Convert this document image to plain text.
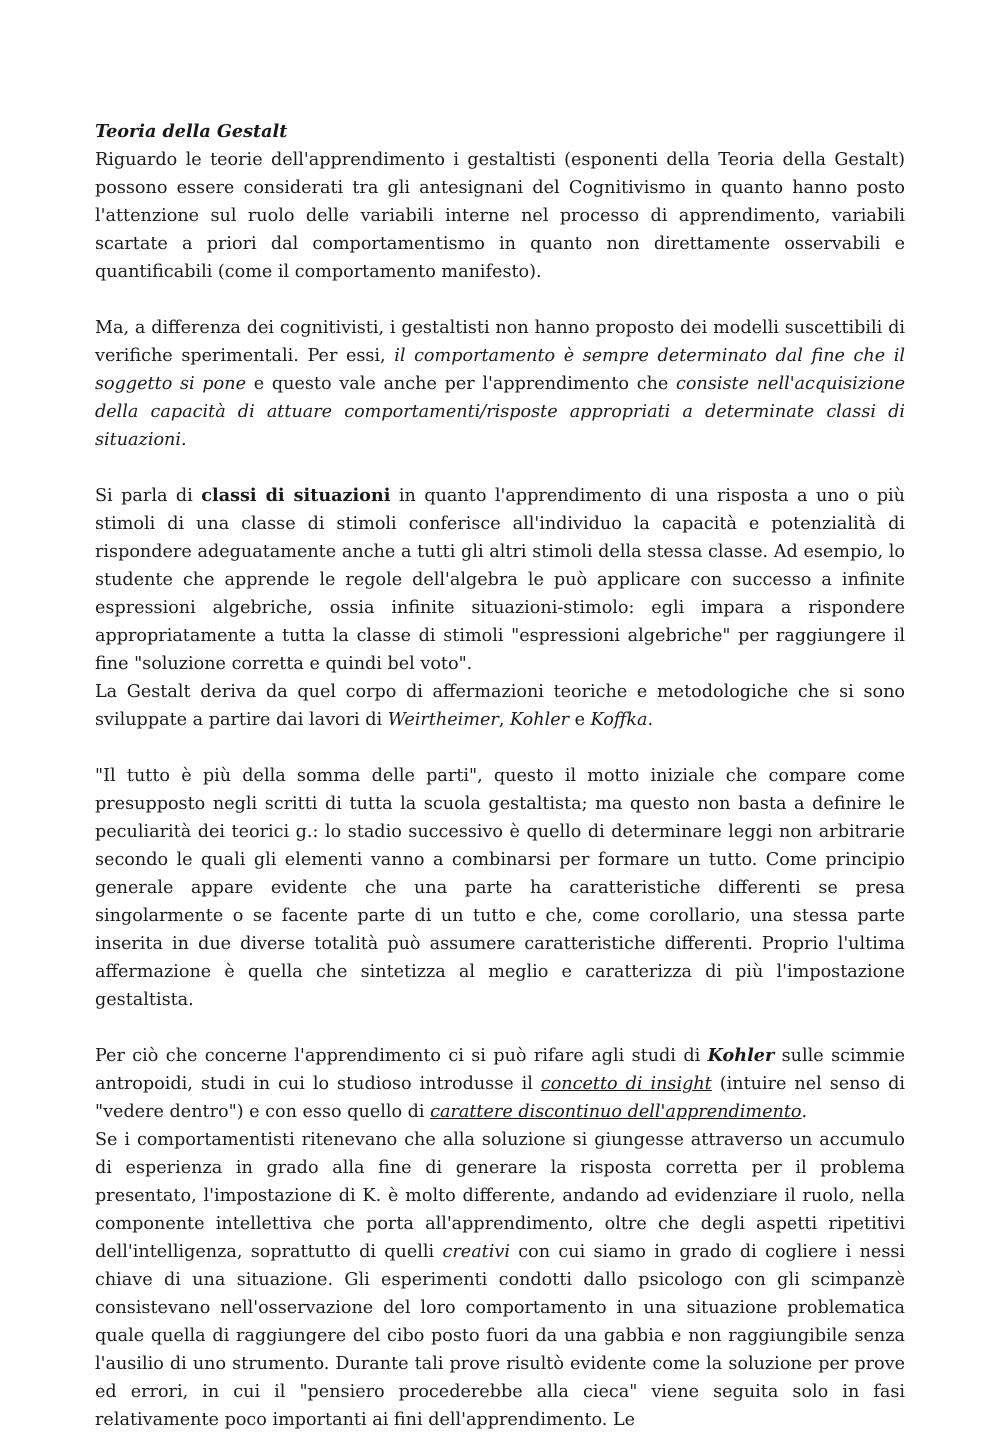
Teoria della Gestalt

Riguardo le teorie dell'apprendimento i gestaltisti (esponenti della Teoria della Gestalt) possono essere considerati tra gli antesignani del Cognitivismo in quanto hanno posto l'attenzione sul ruolo delle variabili interne nel processo di apprendimento, variabili scartate a priori dal comportamentismo in quanto non direttamente osservabili e quantificabili (come il comportamento manifesto).

Ma, a differenza dei cognitivisti, i gestaltisti non hanno proposto dei modelli suscettibili di verifiche sperimentali. Per essi, il comportamento è sempre determinato dal fine che il soggetto si pone e questo vale anche per l'apprendimento che consiste nell'acquisizione della capacità di attuare comportamenti/risposte appropriati a determinate classi di situazioni.

Si parla di classi di situazioni in quanto l'apprendimento di una risposta a uno o più stimoli di una classe di stimoli conferisce all'individuo la capacità e potenzialità di rispondere adeguatamente anche a tutti gli altri stimoli della stessa classe. Ad esempio, lo studente che apprende le regole dell'algebra le può applicare con successo a infinite espressioni algebriche, ossia infinite situazioni-stimolo: egli impara a rispondere appropriatamente a tutta la classe di stimoli "espressioni algebriche" per raggiungere il fine "soluzione corretta e quindi bel voto".

La Gestalt deriva da quel corpo di affermazioni teoriche e metodologiche che si sono sviluppate a partire dai lavori di Weirtheimer, Kohler e Koffka.

"Il tutto è più della somma delle parti", questo il motto iniziale che compare come presupposto negli scritti di tutta la scuola gestaltista; ma questo non basta a definire le peculiarità dei teorici g.: lo stadio successivo è quello di determinare leggi non arbitrarie secondo le quali gli elementi vanno a combinarsi per formare un tutto. Come principio generale appare evidente che una parte ha caratteristiche differenti se presa singolarmente o se facente parte di un tutto e che, come corollario, una stessa parte inserita in due diverse totalità può assumere caratteristiche differenti. Proprio l'ultima affermazione è quella che sintetizza al meglio e caratterizza di più l'impostazione gestaltista.

Per ciò che concerne l'apprendimento ci si può rifare agli studi di Kohler sulle scimmie antropoidi, studi in cui lo studioso introdusse il concetto di insight (intuire nel senso di "vedere dentro") e con esso quello di carattere discontinuo dell'apprendimento.

Se i comportamentisti ritenevano che alla soluzione si giungesse attraverso un accumulo di esperienza in grado alla fine di generare la risposta corretta per il problema presentato, l'impostazione di K. è molto differente, andando ad evidenziare il ruolo, nella componente intellettiva che porta all'apprendimento, oltre che degli aspetti ripetitivi dell'intelligenza, soprattutto di quelli creativi con cui siamo in grado di cogliere i nessi chiave di una situazione. Gli esperimenti condotti dallo psicologo con gli scimpanzè consistevano nell'osservazione del loro comportamento in una situazione problematica quale quella di raggiungere del cibo posto fuori da una gabbia e non raggiungibile senza l'ausilio di uno strumento. Durante tali prove risultò evidente come la soluzione per prove ed errori, in cui il "pensiero procederebbe alla cieca" viene seguita solo in fasi relativamente poco importanti ai fini dell'apprendimento. Le
